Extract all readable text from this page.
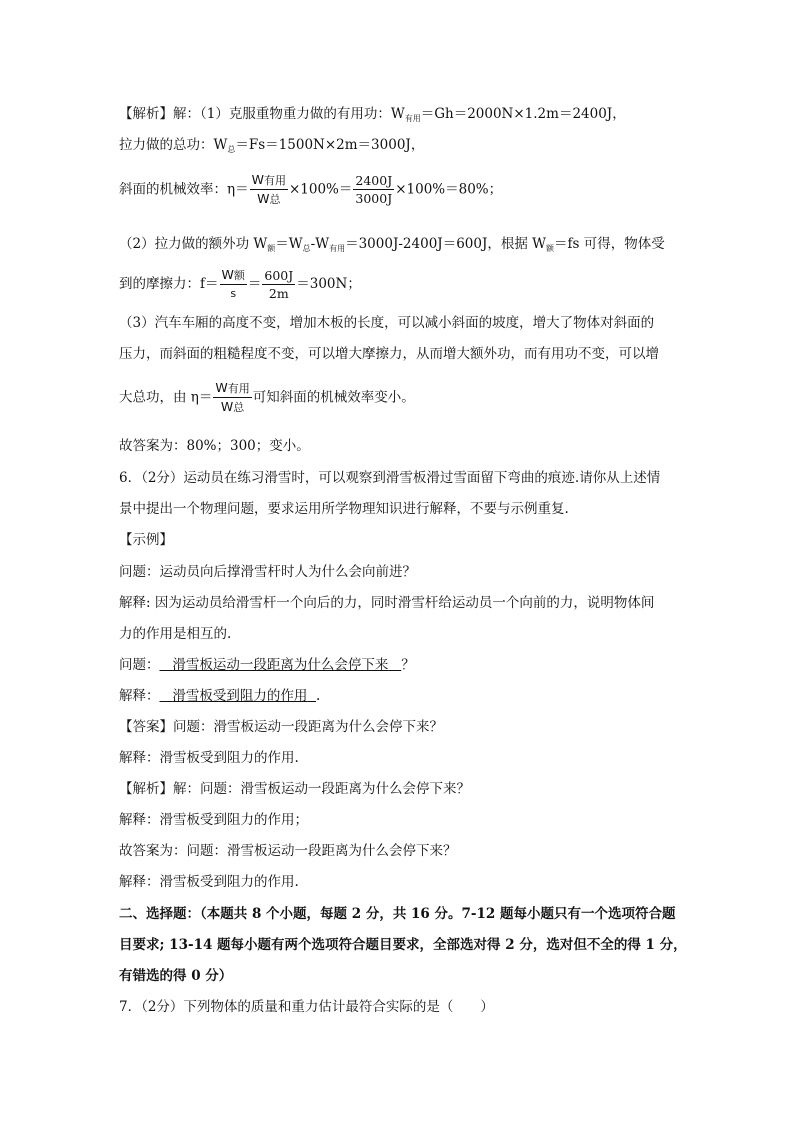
【解析】解：（1）克服重物重力做的有用功：$W_{有用}=Gh=2000N\times 1.2m=2400J$，
拉力做的总功：$W_总=Fs=1500N\times 2m=3000J$，
斜面的机械效率：$\eta= \frac{\text{W有用}}{\text{W总}} \times 100\%= \frac{2400J}{3000J} \times 100\%=80\%$；
（2）拉力做的额外功 $W_额=W_总-W_{有用}=3000J-2400J=600J$，根据 $W_额=fs$ 可得，物体受
到的摩擦力：$f= \frac{\text{W额}}{s} = \frac{600J}{2m} =300N$；
（3）汽车车厢的高度不变，增加木板的长度，可以减小斜面的坡度，增大了物体对斜面的
压力，而斜面的粗糙程度不变，可以增大摩擦力，从而增大额外功，而有用功不变，可以增
大总功，由 $\eta= \frac{\text{W有用}}{\text{W总}}$ 可知斜面的机械效率变小。
故答案为：80%；300；变小。
6．（2分）运动员在练习滑雪时，可以观察到滑雪板滑过雪面留下弯曲的痕迹.请你从上述情
景中提出一个物理问题，要求运用所学物理知识进行解释，不要与示例重复.
【示例】
问题：运动员向后撑滑雪杆时人为什么会向前进？
解释: 因为运动员给滑雪杆一个向后的力，同时滑雪杆给运动员一个向前的力，说明物体间
力的作用是相互的.
问题： 滑雪板运动一段距离为什么会停下来 ？
解释： 滑雪板受到阻力的作用 .
【答案】问题：滑雪板运动一段距离为什么会停下来？
解释：滑雪板受到阻力的作用.
【解析】解：问题：滑雪板运动一段距离为什么会停下来？
解释：滑雪板受到阻力的作用；
故答案为：问题：滑雪板运动一段距离为什么会停下来？
解释：滑雪板受到阻力的作用.
二、选择题：（本题共 8 个小题，每题 2 分，共 16 分。7-12 题每小题只有一个选项符合题
目要求; 13-14 题每小题有两个选项符合题目要求，全部选对得 2 分，选对但不全的得 1 分，
有错选的得 0 分）
7．（2分）下列物体的质量和重力估计最符合实际的是（　　）
